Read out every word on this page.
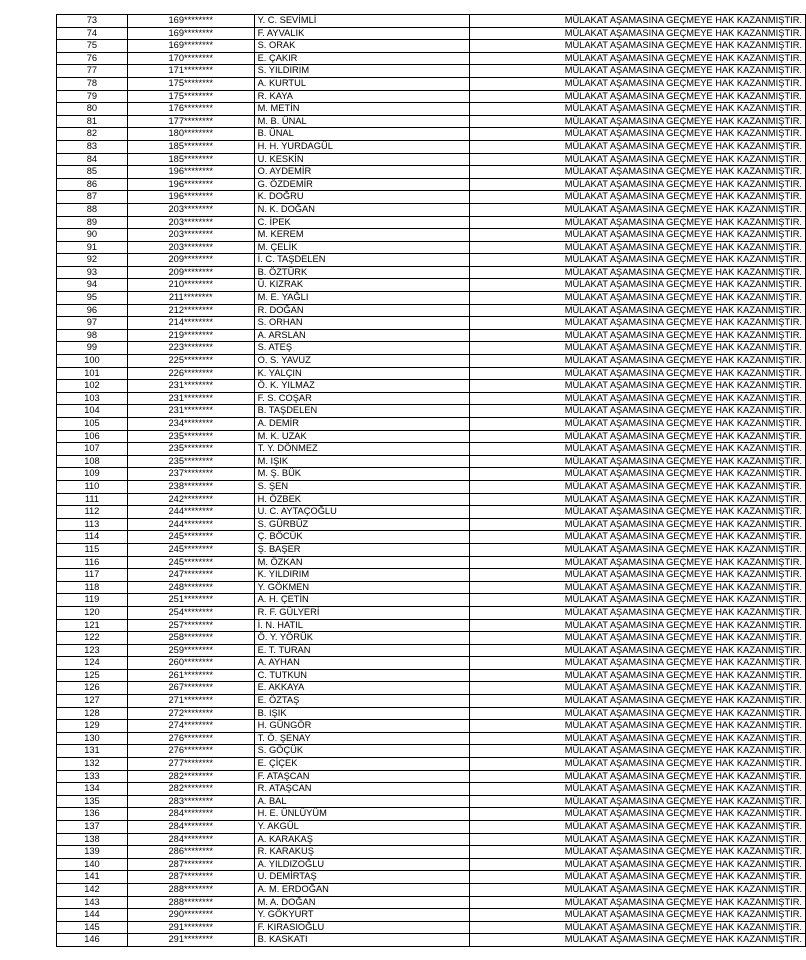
73	169********	Y. C. SEVİMLİ	MÜLAKAT AŞAMASINA GEÇMEYE HAK KAZANMIŞTIR.
74	169********	F. AYVALIK	MÜLAKAT AŞAMASINA GEÇMEYE HAK KAZANMIŞTIR.
75	169********	S. ORAK	MÜLAKAT AŞAMASINA GEÇMEYE HAK KAZANMIŞTIR.
76	170********	E. ÇAKIR	MÜLAKAT AŞAMASINA GEÇMEYE HAK KAZANMIŞTIR.
77	171********	S. YILDIRIM	MÜLAKAT AŞAMASINA GEÇMEYE HAK KAZANMIŞTIR.
78	175********	A. KURTUL	MÜLAKAT AŞAMASINA GEÇMEYE HAK KAZANMIŞTIR.
79	175********	R. KAYA	MÜLAKAT AŞAMASINA GEÇMEYE HAK KAZANMIŞTIR.
80	176********	M. METİN	MÜLAKAT AŞAMASINA GEÇMEYE HAK KAZANMIŞTIR.
81	177********	M. B. ÜNAL	MÜLAKAT AŞAMASINA GEÇMEYE HAK KAZANMIŞTIR.
82	180********	B. ÜNAL	MÜLAKAT AŞAMASINA GEÇMEYE HAK KAZANMIŞTIR.
83	185********	H. H. YURDAGÜL	MÜLAKAT AŞAMASINA GEÇMEYE HAK KAZANMIŞTIR.
84	185********	U. KESKİN	MÜLAKAT AŞAMASINA GEÇMEYE HAK KAZANMIŞTIR.
85	196********	O. AYDEMİR	MÜLAKAT AŞAMASINA GEÇMEYE HAK KAZANMIŞTIR.
86	196********	G. ÖZDEMİR	MÜLAKAT AŞAMASINA GEÇMEYE HAK KAZANMIŞTIR.
87	196********	K. DOĞRU	MÜLAKAT AŞAMASINA GEÇMEYE HAK KAZANMIŞTIR.
88	203********	N. K. DOĞAN	MÜLAKAT AŞAMASINA GEÇMEYE HAK KAZANMIŞTIR.
89	203********	C. İPEK	MÜLAKAT AŞAMASINA GEÇMEYE HAK KAZANMIŞTIR.
90	203********	M. KEREM	MÜLAKAT AŞAMASINA GEÇMEYE HAK KAZANMIŞTIR.
91	203********	M. ÇELİK	MÜLAKAT AŞAMASINA GEÇMEYE HAK KAZANMIŞTIR.
92	209********	İ. C. TAŞDELEN	MÜLAKAT AŞAMASINA GEÇMEYE HAK KAZANMIŞTIR.
93	209********	B. ÖZTÜRK	MÜLAKAT AŞAMASINA GEÇMEYE HAK KAZANMIŞTIR.
94	210********	Ü. KIZRAK	MÜLAKAT AŞAMASINA GEÇMEYE HAK KAZANMIŞTIR.
95	211********	M. E. YAĞLI	MÜLAKAT AŞAMASINA GEÇMEYE HAK KAZANMIŞTIR.
96	212********	R. DOĞAN	MÜLAKAT AŞAMASINA GEÇMEYE HAK KAZANMIŞTIR.
97	214********	S. ORHAN	MÜLAKAT AŞAMASINA GEÇMEYE HAK KAZANMIŞTIR.
98	219********	A. ARSLAN	MÜLAKAT AŞAMASINA GEÇMEYE HAK KAZANMIŞTIR.
99	223********	S. ATEŞ	MÜLAKAT AŞAMASINA GEÇMEYE HAK KAZANMIŞTIR.
100	225********	O. S. YAVUZ	MÜLAKAT AŞAMASINA GEÇMEYE HAK KAZANMIŞTIR.
101	226********	K. YALÇIN	MÜLAKAT AŞAMASINA GEÇMEYE HAK KAZANMIŞTIR.
102	231********	Ö. K. YILMAZ	MÜLAKAT AŞAMASINA GEÇMEYE HAK KAZANMIŞTIR.
103	231********	F. S. COŞAR	MÜLAKAT AŞAMASINA GEÇMEYE HAK KAZANMIŞTIR.
104	231********	B. TAŞDELEN	MÜLAKAT AŞAMASINA GEÇMEYE HAK KAZANMIŞTIR.
105	234********	A. DEMİR	MÜLAKAT AŞAMASINA GEÇMEYE HAK KAZANMIŞTIR.
106	235********	M. K. UZAK	MÜLAKAT AŞAMASINA GEÇMEYE HAK KAZANMIŞTIR.
107	235********	T. Y. DÖNMEZ	MÜLAKAT AŞAMASINA GEÇMEYE HAK KAZANMIŞTIR.
108	235********	M. IŞIK	MÜLAKAT AŞAMASINA GEÇMEYE HAK KAZANMIŞTIR.
109	237********	M. Ş. BÜK	MÜLAKAT AŞAMASINA GEÇMEYE HAK KAZANMIŞTIR.
110	238********	S. ŞEN	MÜLAKAT AŞAMASINA GEÇMEYE HAK KAZANMIŞTIR.
111	242********	H. ÖZBEK	MÜLAKAT AŞAMASINA GEÇMEYE HAK KAZANMIŞTIR.
112	244********	U. C. AYTAÇOĞLU	MÜLAKAT AŞAMASINA GEÇMEYE HAK KAZANMIŞTIR.
113	244********	S. GÜRBÜZ	MÜLAKAT AŞAMASINA GEÇMEYE HAK KAZANMIŞTIR.
114	245********	Ç. BÖCÜK	MÜLAKAT AŞAMASINA GEÇMEYE HAK KAZANMIŞTIR.
115	245********	Ş. BAŞER	MÜLAKAT AŞAMASINA GEÇMEYE HAK KAZANMIŞTIR.
116	245********	M. ÖZKAN	MÜLAKAT AŞAMASINA GEÇMEYE HAK KAZANMIŞTIR.
117	247********	K. YILDIRIM	MÜLAKAT AŞAMASINA GEÇMEYE HAK KAZANMIŞTIR.
118	248********	Y. GÖKMEN	MÜLAKAT AŞAMASINA GEÇMEYE HAK KAZANMIŞTIR.
119	251********	A. H. ÇETİN	MÜLAKAT AŞAMASINA GEÇMEYE HAK KAZANMIŞTIR.
120	254********	R. F. GÜLYERİ	MÜLAKAT AŞAMASINA GEÇMEYE HAK KAZANMIŞTIR.
121	257********	İ. N. HATIL	MÜLAKAT AŞAMASINA GEÇMEYE HAK KAZANMIŞTIR.
122	258********	Ö. Y. YÖRÜK	MÜLAKAT AŞAMASINA GEÇMEYE HAK KAZANMIŞTIR.
123	259********	E. T. TURAN	MÜLAKAT AŞAMASINA GEÇMEYE HAK KAZANMIŞTIR.
124	260********	A. AYHAN	MÜLAKAT AŞAMASINA GEÇMEYE HAK KAZANMIŞTIR.
125	261********	C. TUTKUN	MÜLAKAT AŞAMASINA GEÇMEYE HAK KAZANMIŞTIR.
126	267********	E. AKKAYA	MÜLAKAT AŞAMASINA GEÇMEYE HAK KAZANMIŞTIR.
127	271********	E. ÖZTAŞ	MÜLAKAT AŞAMASINA GEÇMEYE HAK KAZANMIŞTIR.
128	272********	B. IŞIK	MÜLAKAT AŞAMASINA GEÇMEYE HAK KAZANMIŞTIR.
129	274********	H. GÜNGÖR	MÜLAKAT AŞAMASINA GEÇMEYE HAK KAZANMIŞTIR.
130	276********	T. Ö. ŞENAY	MÜLAKAT AŞAMASINA GEÇMEYE HAK KAZANMIŞTIR.
131	276********	S. GÖÇÜK	MÜLAKAT AŞAMASINA GEÇMEYE HAK KAZANMIŞTIR.
132	277********	E. ÇİÇEK	MÜLAKAT AŞAMASINA GEÇMEYE HAK KAZANMIŞTIR.
133	282********	F. ATAŞCAN	MÜLAKAT AŞAMASINA GEÇMEYE HAK KAZANMIŞTIR.
134	282********	R. ATAŞCAN	MÜLAKAT AŞAMASINA GEÇMEYE HAK KAZANMIŞTIR.
135	283********	A. BAL	MÜLAKAT AŞAMASINA GEÇMEYE HAK KAZANMIŞTIR.
136	284********	H. E. ÜNLÜYÜM	MÜLAKAT AŞAMASINA GEÇMEYE HAK KAZANMIŞTIR.
137	284********	Y. AKGÜL	MÜLAKAT AŞAMASINA GEÇMEYE HAK KAZANMIŞTIR.
138	284********	A. KARAKAŞ	MÜLAKAT AŞAMASINA GEÇMEYE HAK KAZANMIŞTIR.
139	286********	R. KARAKUŞ	MÜLAKAT AŞAMASINA GEÇMEYE HAK KAZANMIŞTIR.
140	287********	A. YILDIZOĞLU	MÜLAKAT AŞAMASINA GEÇMEYE HAK KAZANMIŞTIR.
141	287********	U. DEMİRTAŞ	MÜLAKAT AŞAMASINA GEÇMEYE HAK KAZANMIŞTIR.
142	288********	A. M. ERDOĞAN	MÜLAKAT AŞAMASINA GEÇMEYE HAK KAZANMIŞTIR.
143	288********	M. A. DOĞAN	MÜLAKAT AŞAMASINA GEÇMEYE HAK KAZANMIŞTIR.
144	290********	Y. GÖKYURT	MÜLAKAT AŞAMASINA GEÇMEYE HAK KAZANMIŞTIR.
145	291********	F. KIRASIOĞLU	MÜLAKAT AŞAMASINA GEÇMEYE HAK KAZANMIŞTIR.
146	291********	B. KASKATI	MÜLAKAT AŞAMASINA GEÇMEYE HAK KAZANMIŞTIR.
